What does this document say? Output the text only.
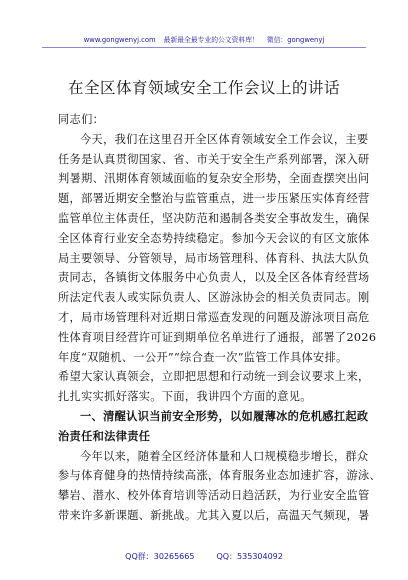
www.gongwenyj.com 最新最全最专业的公文资料库！ 微信：gongwenyj
在全区体育领域安全工作会议上的讲话

同志们：

今天，我们在这里召开全区体育领域安全工作会议，主要
任务是认真贯彻国家、省、市关于安全生产系列部署，深入研
判暑期、汛期体育领域面临的复杂安全形势，全面查摆突出问
题，部署近期安全整治与监管重点，进一步压紧压实体育经营
监管单位主体责任，坚决防范和遏制各类安全事故发生，确保
全区体育行业安全态势持续稳定。参加今天会议的有区文旅体
局主要领导、分管领导，局市场管理科、体育科、执法大队负
责同志，各镇街文体服务中心负责人，以及全区各体育经营场
所法定代表人或实际负责人、区游泳协会的相关负责同志。刚
才，局市场管理科对近期日常巡查发现的问题及游泳项目高危
性体育项目经营许可证到期单位名单进行了通报，部署了2026
年度“双随机、一公开”“综合查一次”监管工作具体安排。
希望大家认真领会，立即把思想和行动统一到会议要求上来，
扎扎实实抓好落实。下面，我讲四个方面的意见。

一、清醒认识当前安全形势，以如履薄冰的危机感扛起政
治责任和法律责任

今年以来，随着全区经济体量和人口规模稳步增长，群众
参与体育健身的热情持续高涨，体育服务业态加速扩容，游泳、
攀岩、潜水、校外体育培训等活动日趋活跃，为行业安全监管
带来许多新课题、新挑战。尤其入夏以后，高温天气频现，暑

QQ群：30265665	QQ：535304092
